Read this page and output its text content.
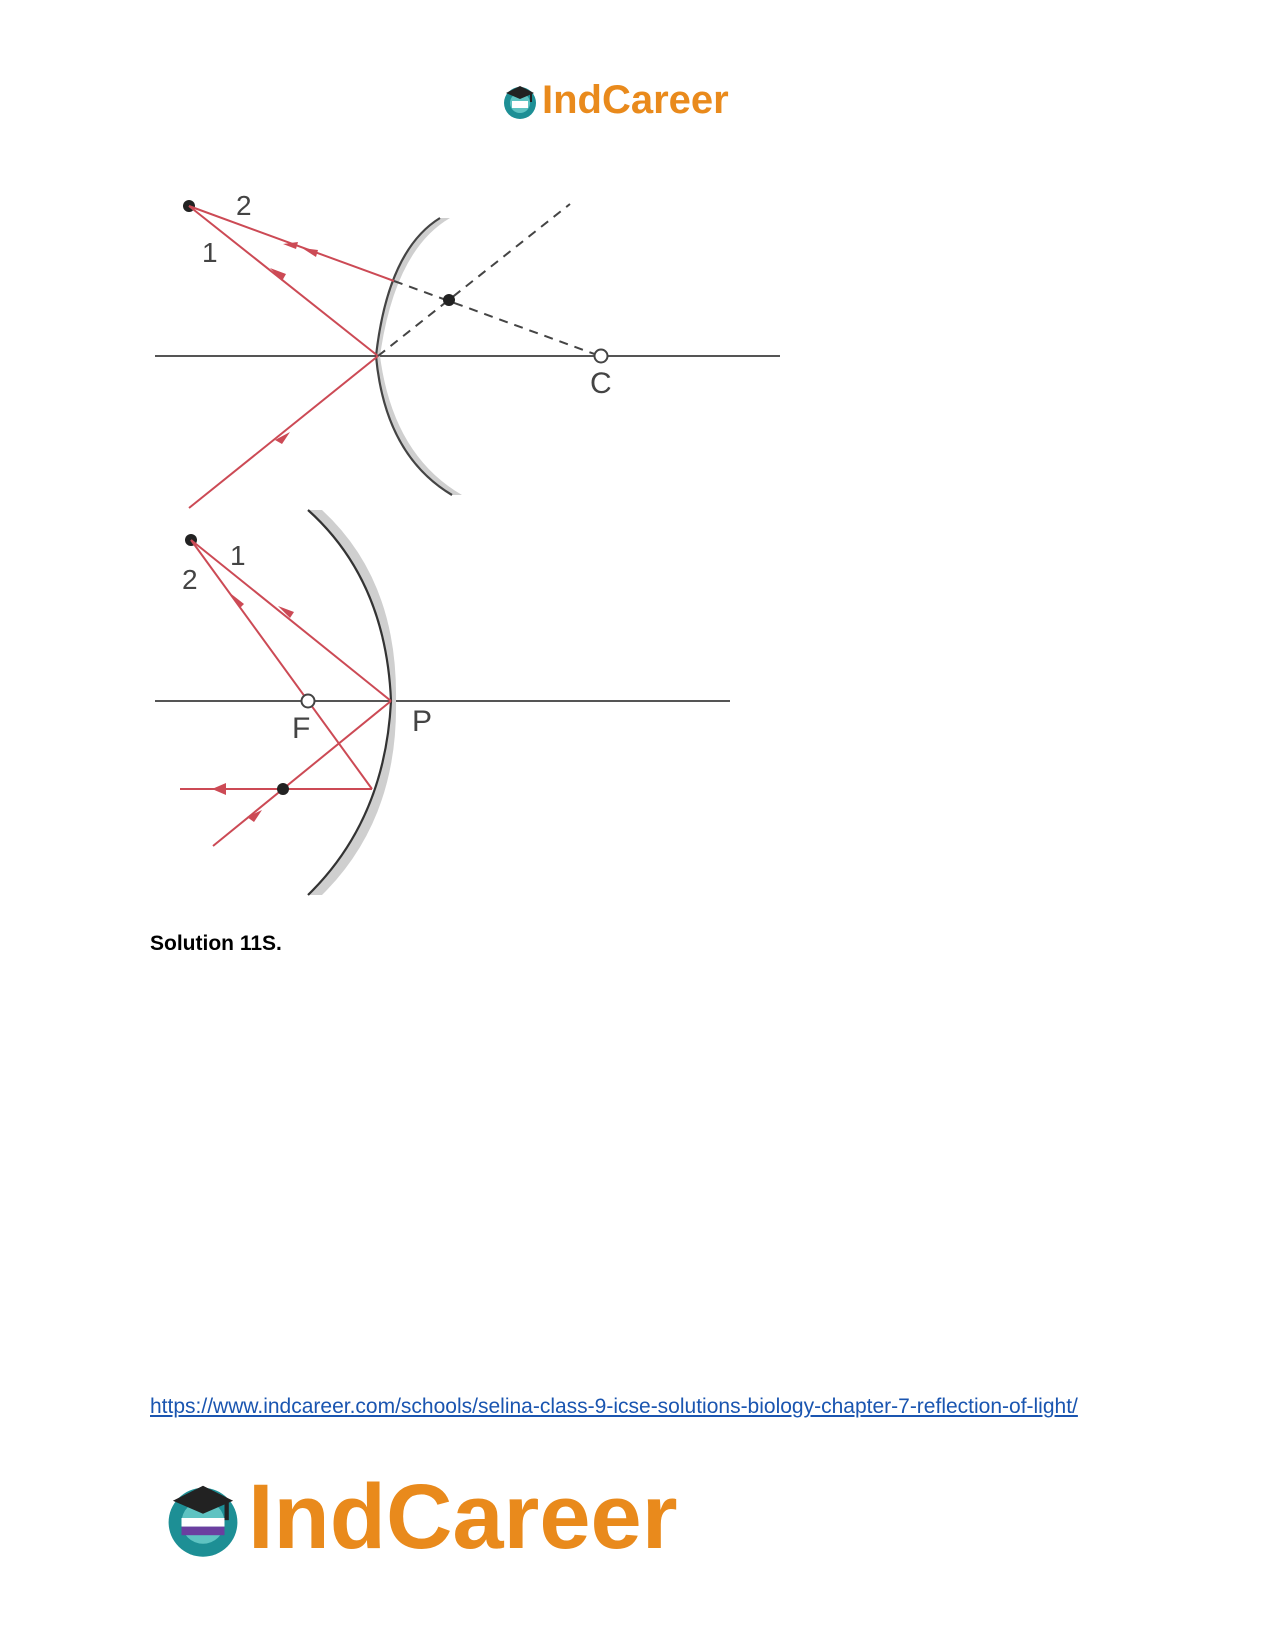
IndCareer
2
1
C
1
2
F	P
Solution 11S.
https://www.indcareer.com/schools/selina-class-9-icse-solutions-biology-chapter-7-reflection-of-light/
IndCareer
